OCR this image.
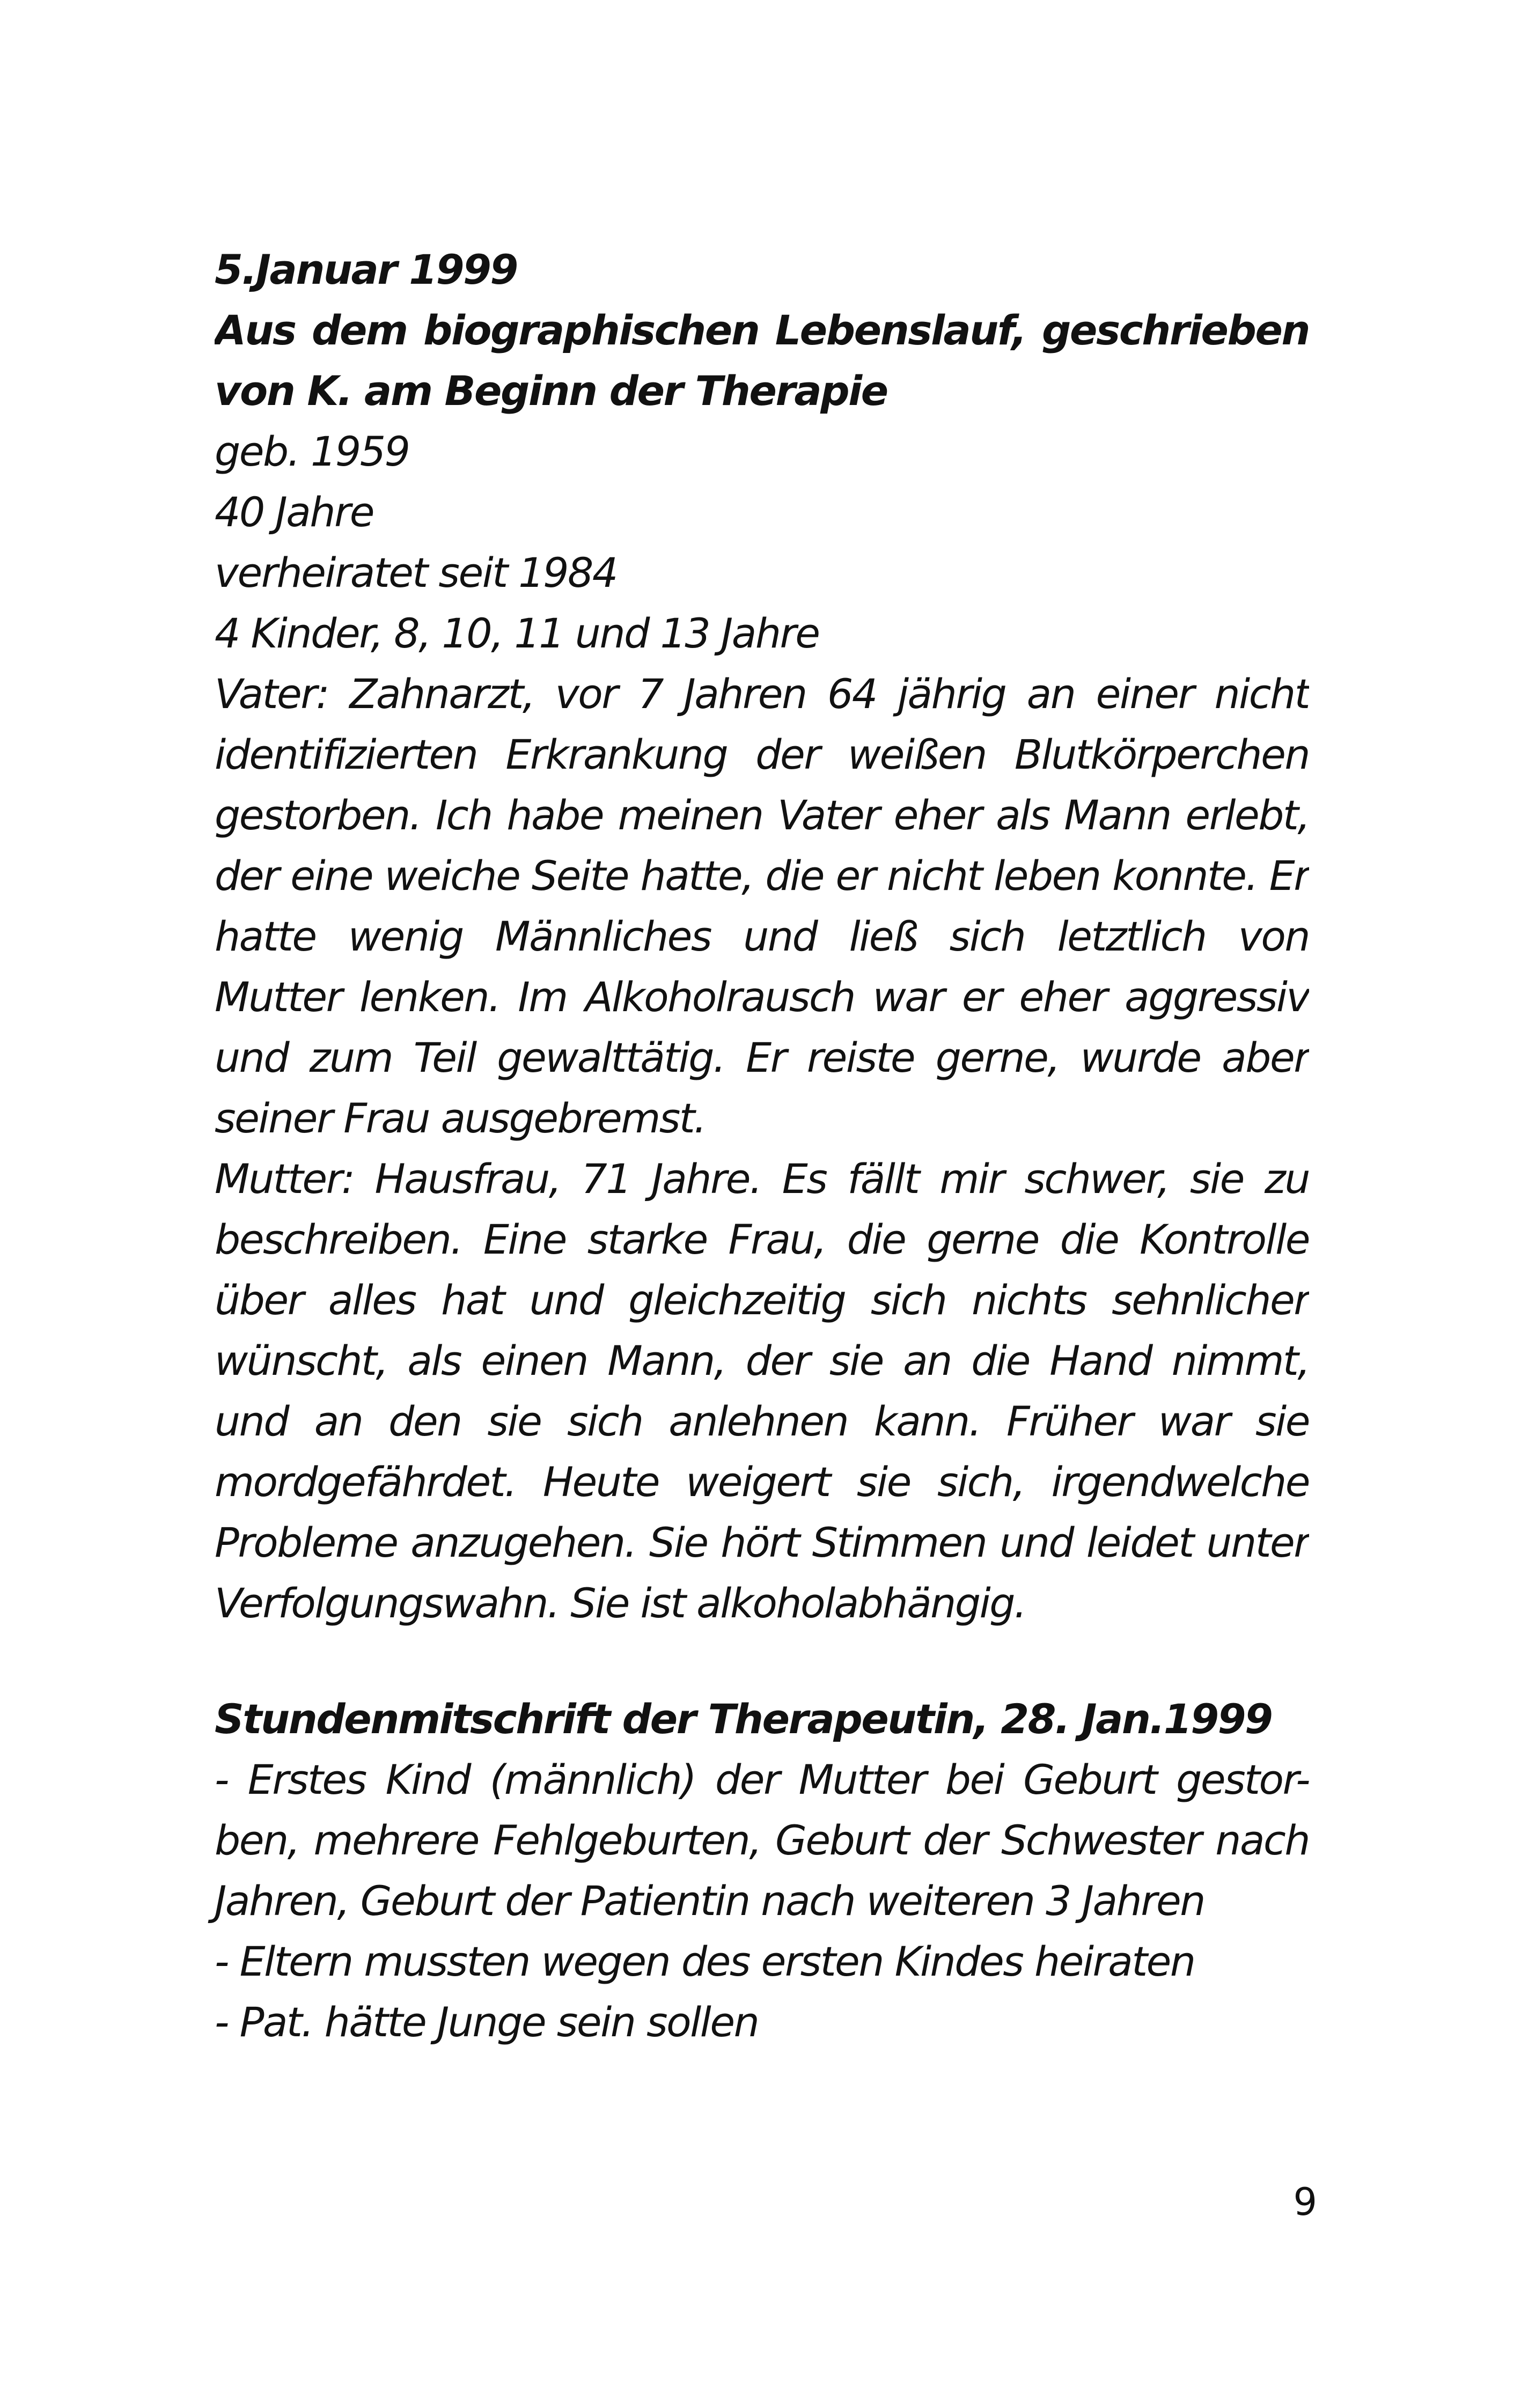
5.Januar 1999
Aus dem biographischen Lebenslauf, geschrieben
von K. am Beginn der Therapie
geb. 1959
40 Jahre
verheiratet seit 1984
4 Kinder, 8, 10, 11 und 13 Jahre
Vater: Zahnarzt, vor 7 Jahren 64 jährig an einer nicht
identifizierten Erkrankung der weißen Blutkörperchen
gestorben. Ich habe meinen Vater eher als Mann erlebt,
der eine weiche Seite hatte, die er nicht leben konnte. Er
hatte wenig Männliches und ließ sich letztlich von
Mutter lenken. Im Alkoholrausch war er eher aggressiv
und zum Teil gewalttätig. Er reiste gerne, wurde aber
seiner Frau ausgebremst.
Mutter: Hausfrau, 71 Jahre. Es fällt mir schwer, sie zu
beschreiben. Eine starke Frau, die gerne die Kontrolle
über alles hat und gleichzeitig sich nichts sehnlicher
wünscht, als einen Mann, der sie an die Hand nimmt,
und an den sie sich anlehnen kann. Früher war sie
mordgefährdet. Heute weigert sie sich, irgendwelche
Probleme anzugehen. Sie hört Stimmen und leidet unter
Verfolgungswahn. Sie ist alkoholabhängig.
Stundenmitschrift der Therapeutin, 28. Jan.1999
- Erstes Kind (männlich) der Mutter bei Geburt gestor-
ben, mehrere Fehlgeburten, Geburt der Schwester nach
Jahren, Geburt der Patientin nach weiteren 3 Jahren
- Eltern mussten wegen des ersten Kindes heiraten
- Pat. hätte Junge sein sollen
9
